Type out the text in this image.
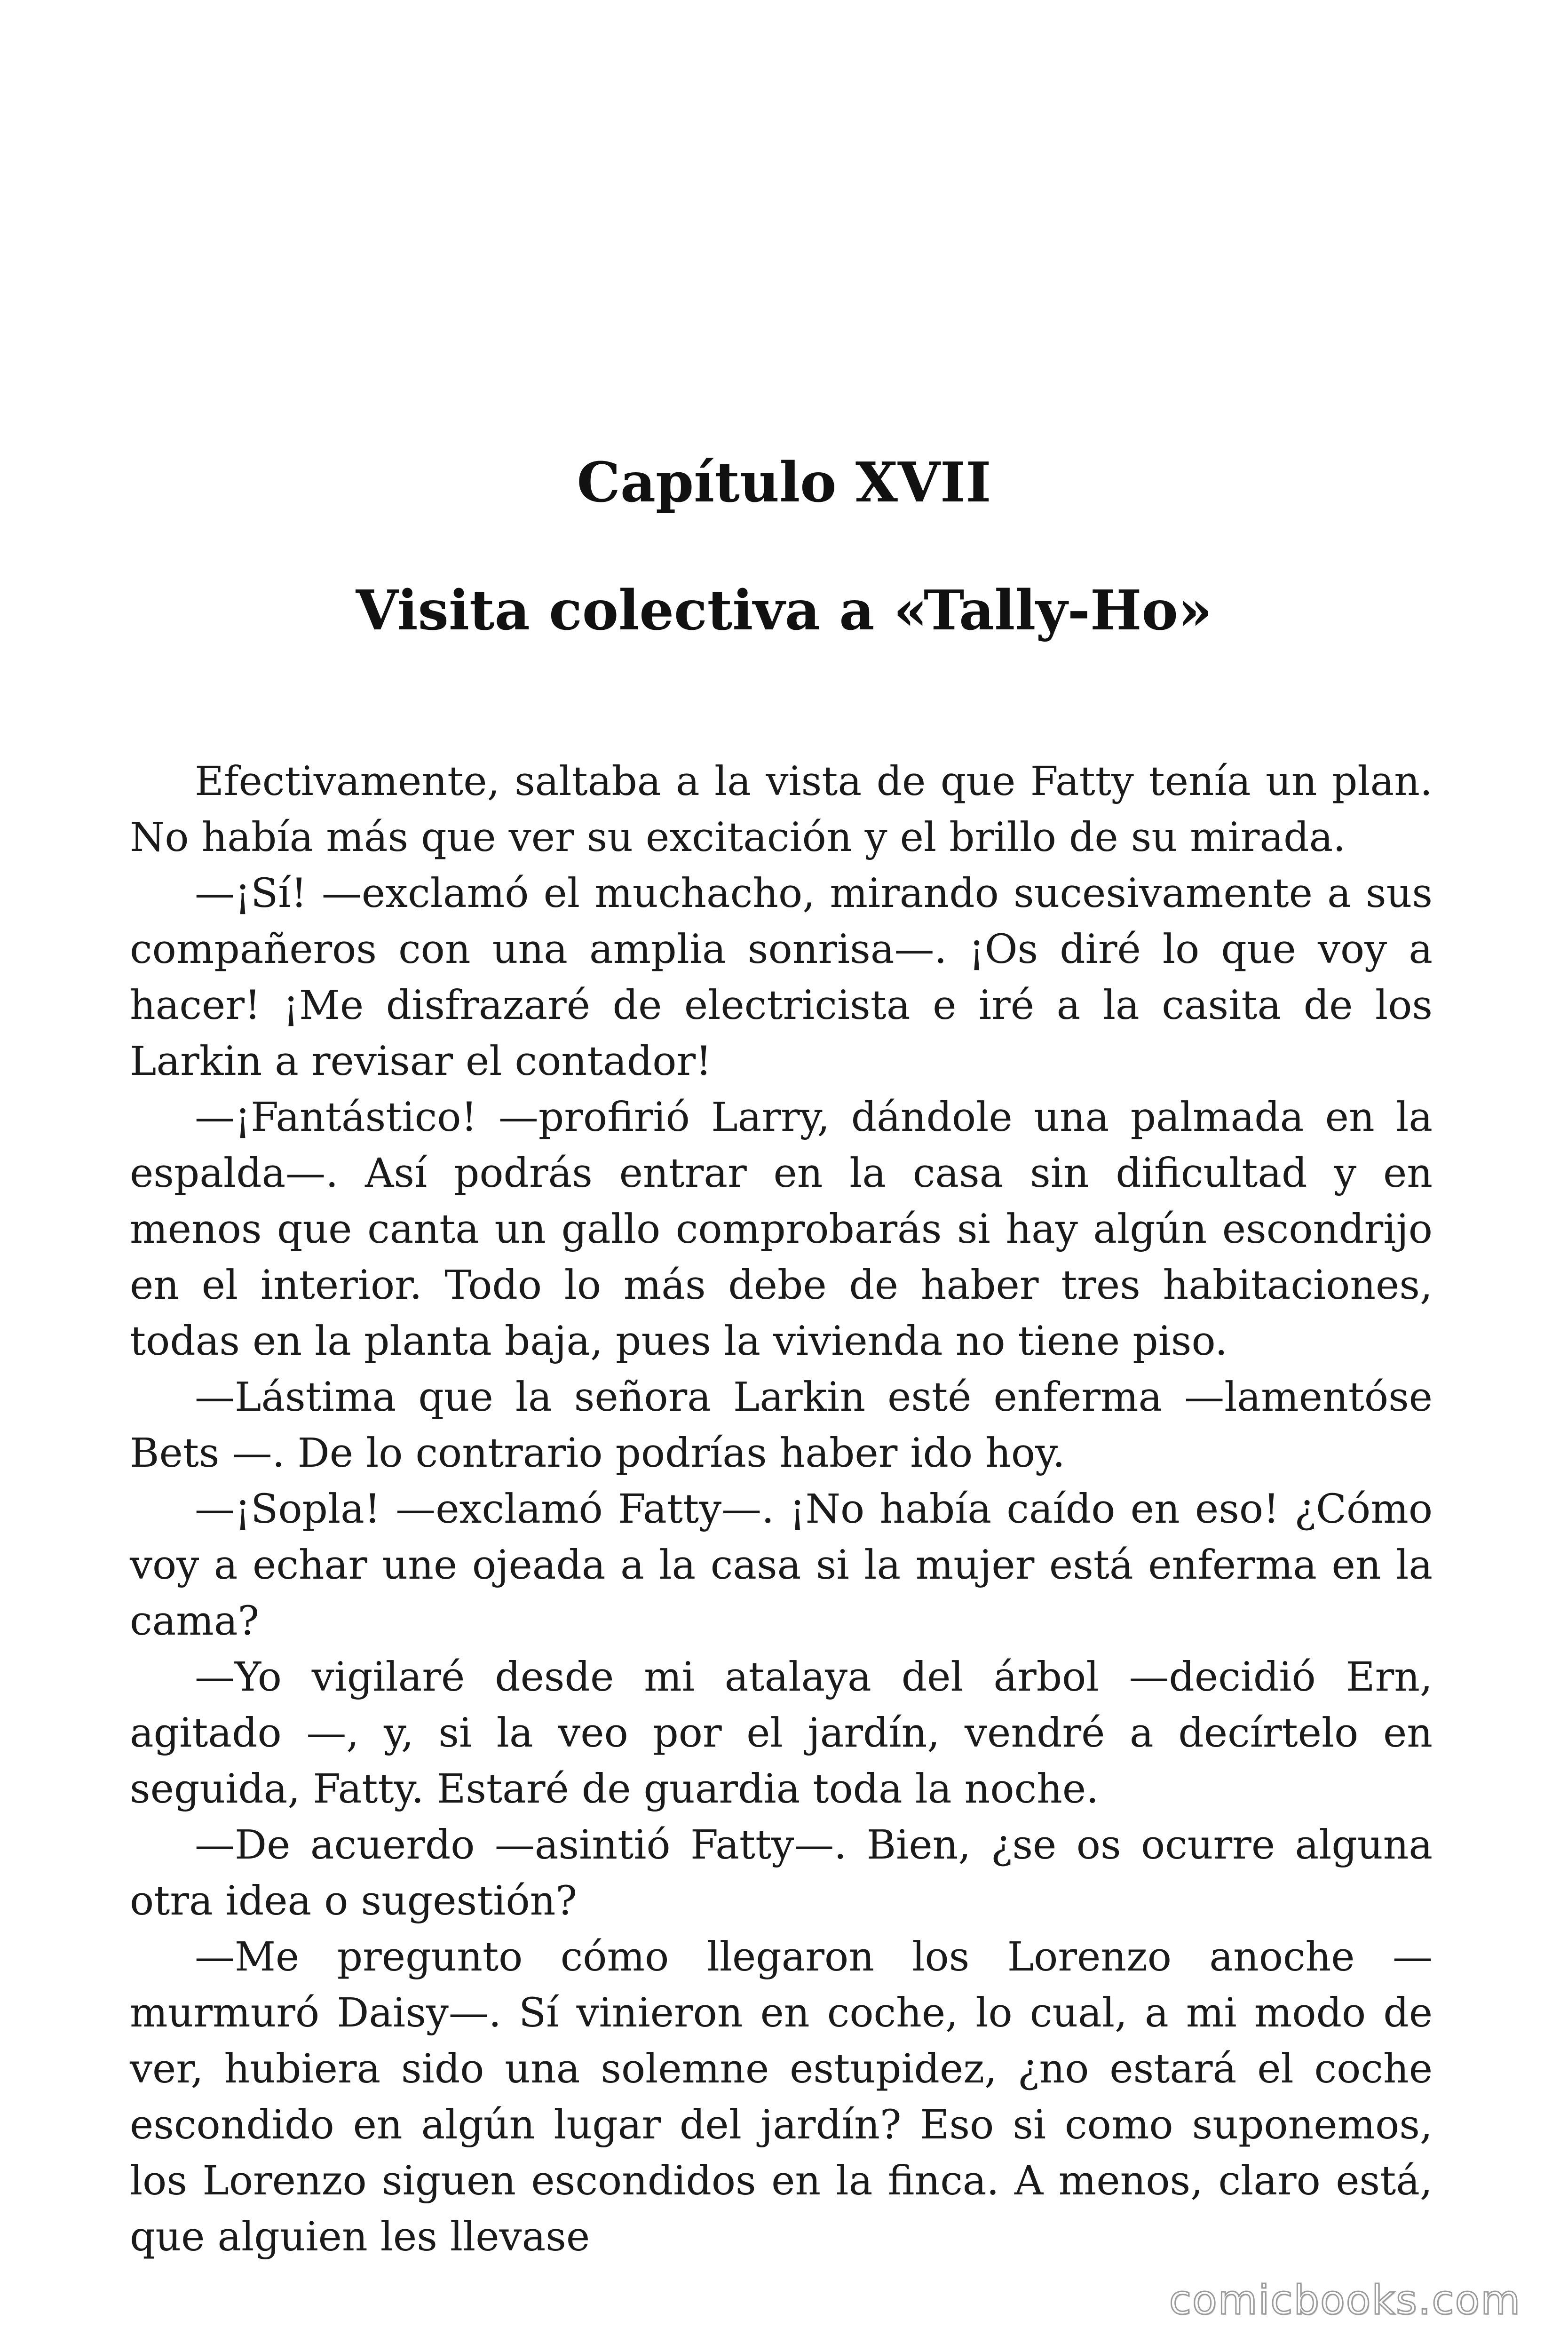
Capítulo XVII
Visita colectiva a «Tally-Ho»

Efectivamente, saltaba a la vista de que Fatty tenía un plan. No había más que ver su excitación y el brillo de su mirada.

—¡Sí! —exclamó el muchacho, mirando sucesivamente a sus compañeros con una amplia sonrisa—. ¡Os diré lo que voy a hacer! ¡Me disfrazaré de electricista e iré a la casita de los Larkin a revisar el contador!

—¡Fantástico! —profirió Larry, dándole una palmada en la espalda—. Así podrás entrar en la casa sin dificultad y en menos que canta un gallo comprobarás si hay algún escondrijo en el interior. Todo lo más debe de haber tres habitaciones, todas en la planta baja, pues la vivienda no tiene piso.

—Lástima que la señora Larkin esté enferma —lamentóse Bets —. De lo contrario podrías haber ido hoy.

—¡Sopla! —exclamó Fatty—. ¡No había caído en eso! ¿Cómo voy a echar une ojeada a la casa si la mujer está enferma en la cama?

—Yo vigilaré desde mi atalaya del árbol —decidió Ern, agitado —, y, si la veo por el jardín, vendré a decírtelo en seguida, Fatty. Estaré de guardia toda la noche.

—De acuerdo —asintió Fatty—. Bien, ¿se os ocurre alguna otra idea o sugestión?

—Me pregunto cómo llegaron los Lorenzo anoche —murmuró Daisy—. Sí vinieron en coche, lo cual, a mi modo de ver, hubiera sido una solemne estupidez, ¿no estará el coche escondido en algún lugar del jardín? Eso si como suponemos, los Lorenzo siguen escondidos en la finca. A menos, claro está, que alguien les llevase

comicbooks.com
